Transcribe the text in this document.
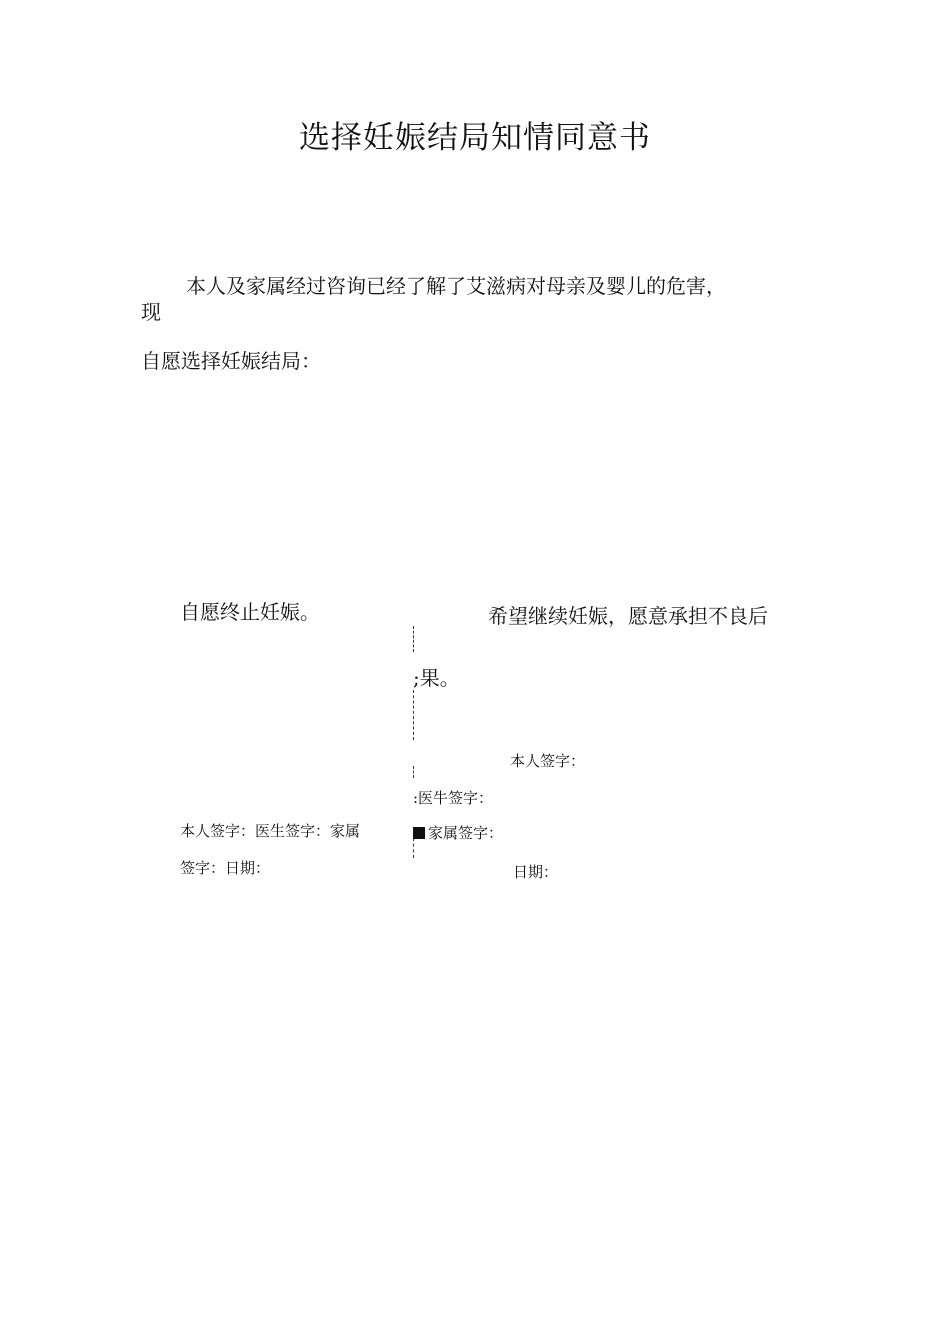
选择妊娠结局知情同意书
本人及家属经过咨询已经了解了艾滋病对母亲及婴儿的危害，
现
自愿选择妊娠结局：
自愿终止妊娠。
本人签字：医生签字：家属
签字：日期：
希望继续妊娠，愿意承担不良后
;果。
本人签字：
:医牛签字：
家属签字：
日期：
